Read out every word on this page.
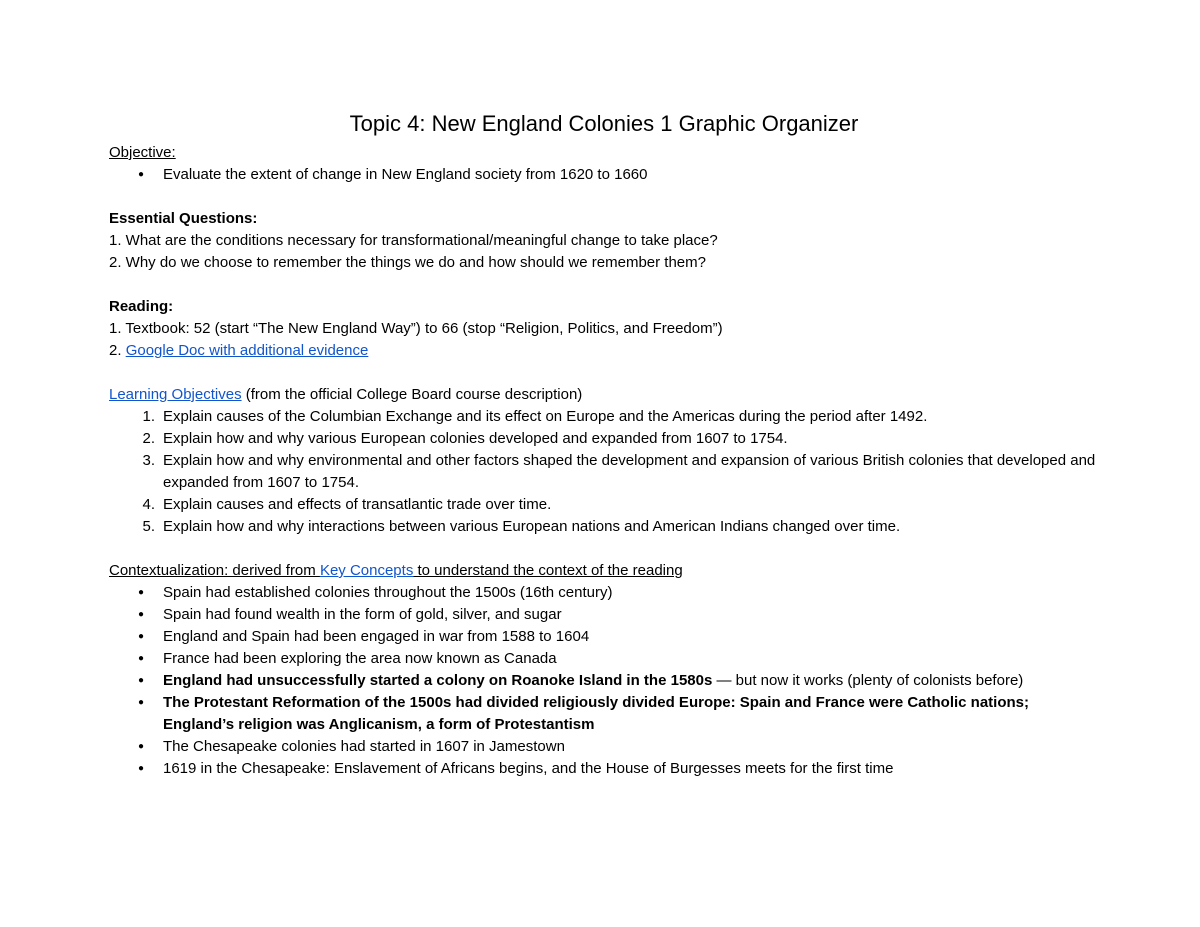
Topic 4: New England Colonies 1 Graphic Organizer

Objective:

● Evaluate the extent of change in New England society from 1620 to 1660

Essential Questions:

1. What are the conditions necessary for transformational/meaningful change to take place?

2. Why do we choose to remember the things we do and how should we remember them?

Reading:

1. Textbook: 52 (start “The New England Way”) to 66 (stop “Religion, Politics, and Freedom”)

2. Google Doc with additional evidence

Learning Objectives (from the official College Board course description)

1. Explain causes of the Columbian Exchange and its effect on Europe and the Americas during the period after 1492.
2. Explain how and why various European colonies developed and expanded from 1607 to 1754.
3. Explain how and why environmental and other factors shaped the development and expansion of various British colonies that developed and expanded from 1607 to 1754.
4. Explain causes and effects of transatlantic trade over time.
5. Explain how and why interactions between various European nations and American Indians changed over time.

Contextualization: derived from Key Concepts to understand the context of the reading

● Spain had established colonies throughout the 1500s (16th century)
● Spain had found wealth in the form of gold, silver, and sugar
● England and Spain had been engaged in war from 1588 to 1604
● France had been exploring the area now known as Canada
● England had unsuccessfully started a colony on Roanoke Island in the 1580s — but now it works (plenty of colonists before)
● The Protestant Reformation of the 1500s had divided religiously divided Europe: Spain and France were Catholic nations; England’s religion was Anglicanism, a form of Protestantism
● The Chesapeake colonies had started in 1607 in Jamestown
● 1619 in the Chesapeake: Enslavement of Africans begins, and the House of Burgesses meets for the first time
